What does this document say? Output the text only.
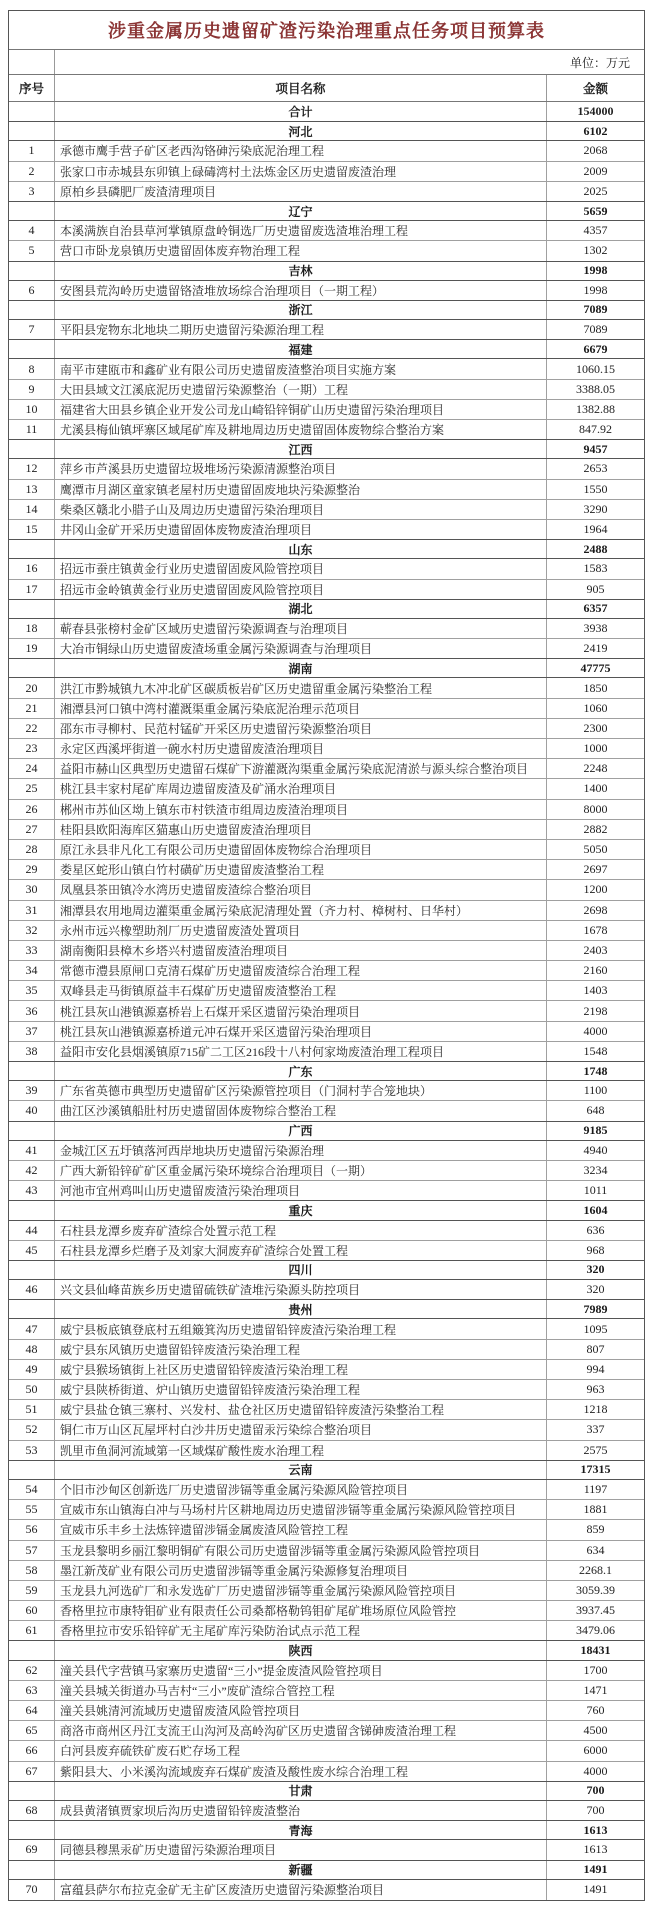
涉重金属历史遗留矿渣污染治理重点任务项目预算表
单位：万元
序号	项目名称	金额
合计	154000
河北	6102
1	承德市鹰手营子矿区老西沟铬砷污染底泥治理工程	2068
2	张家口市赤城县东卯镇上碌碡湾村土法炼金区历史遗留废渣治理	2009
3	原柏乡县磷肥厂废渣清理项目	2025
辽宁	5659
4	本溪满族自治县草河掌镇原盘岭铜选厂历史遗留废选渣堆治理工程	4357
5	营口市卧龙泉镇历史遗留固体废弃物治理工程	1302
吉林	1998
6	安图县荒沟岭历史遗留铬渣堆放场综合治理项目（一期工程）	1998
浙江	7089
7	平阳县宠物东北地块二期历史遗留污染源治理工程	7089
福建	6679
8	南平市建瓯市和鑫矿业有限公司历史遗留废渣整治项目实施方案	1060.15
9	大田县域文江溪底泥历史遗留污染源整治（一期）工程	3388.05
10	福建省大田县乡镇企业开发公司龙山崎铅锌铜矿山历史遗留污染治理项目	1382.88
11	尤溪县梅仙镇坪寨区域尾矿库及耕地周边历史遗留固体废物综合整治方案	847.92
江西	9457
12	萍乡市芦溪县历史遗留垃圾堆场污染源清源整治项目	2653
13	鹰潭市月湖区童家镇老屋村历史遗留固废地块污染源整治	1550
14	柴桑区赣北小腊子山及周边历史遗留污染治理项目	3290
15	井冈山金矿开采历史遗留固体废物废渣治理项目	1964
山东	2488
16	招远市蚕庄镇黄金行业历史遗留固废风险管控项目	1583
17	招远市金岭镇黄金行业历史遗留固废风险管控项目	905
湖北	6357
18	蕲春县张榜村金矿区域历史遗留污染源调查与治理项目	3938
19	大冶市铜绿山历史遗留废渣场重金属污染源调查与治理项目	2419
湖南	47775
20	洪江市黔城镇九木冲北矿区碳质板岩矿区历史遗留重金属污染整治工程	1850
21	湘潭县河口镇中湾村灌溉渠重金属污染底泥治理示范项目	1060
22	邵东市寻柳村、民范村锰矿开采区历史遗留污染源整治项目	2300
23	永定区西溪坪街道一碗水村历史遗留废渣治理项目	1000
24	益阳市赫山区典型历史遗留石煤矿下游灌溉沟渠重金属污染底泥清淤与源头综合整治项目	2248
25	桃江县丰家村尾矿库周边遗留废渣及矿涌水治理项目	1400
26	郴州市苏仙区坳上镇东市村铁渣市组周边废渣治理项目	8000
27	桂阳县欧阳海库区猫惠山历史遗留废渣治理项目	2882
28	原江永县非凡化工有限公司历史遗留固体废物综合治理项目	5050
29	娄星区蛇形山镇白竹村磺矿历史遗留废渣整治工程	2697
30	凤凰县茶田镇冷水湾历史遗留废渣综合整治项目	1200
31	湘潭县农用地周边灌渠重金属污染底泥清理处置（齐力村、樟树村、日华村）	2698
32	永州市远兴橡塑助剂厂历史遗留废渣处置项目	1678
33	湖南衡阳县樟木乡塔兴村遗留废渣治理项目	2403
34	常德市澧县原闸口克清石煤矿历史遗留废渣综合治理工程	2160
35	双峰县走马街镇原益丰石煤矿历史遗留废渣整治工程	1403
36	桃江县灰山港镇源嘉桥岩上石煤开采区遗留污染治理项目	2198
37	桃江县灰山港镇源嘉桥道元冲石煤开采区遗留污染治理项目	4000
38	益阳市安化县烟溪镇原715矿二工区216段十八村何家坳废渣治理工程项目	1548
广东	1748
39	广东省英德市典型历史遗留矿区污染源管控项目（门洞村芋合笼地块）	1100
40	曲江区沙溪镇船肚村历史遗留固体废物综合整治工程	648
广西	9185
41	金城江区五圩镇落河西岸地块历史遗留污染源治理	4940
42	广西大新铅锌矿矿区重金属污染环境综合治理项目（一期）	3234
43	河池市宜州鸡叫山历史遗留废渣污染治理项目	1011
重庆	1604
44	石柱县龙潭乡废弃矿渣综合处置示范工程	636
45	石柱县龙潭乡烂磨子及刘家大洞废弃矿渣综合处置工程	968
四川	320
46	兴文县仙峰苗族乡历史遗留硫铁矿渣堆污染源头防控项目	320
贵州	7989
47	威宁县板底镇登底村五组簸箕沟历史遗留铅锌废渣污染治理工程	1095
48	威宁县东风镇历史遗留铅锌废渣污染治理工程	807
49	威宁县猴场镇街上社区历史遗留铅锌废渣污染治理工程	994
50	威宁县陕桥街道、炉山镇历史遗留铅锌废渣污染治理工程	963
51	威宁县盐仓镇三寨村、兴发村、盐仓社区历史遗留铅锌废渣污染整治工程	1218
52	铜仁市万山区瓦屋坪村白沙井历史遗留汞污染综合整治项目	337
53	凯里市鱼洞河流域第一区域煤矿酸性废水治理工程	2575
云南	17315
54	个旧市沙甸区创新选厂历史遗留涉镉等重金属污染源风险管控项目	1197
55	宣威市东山镇海白冲与马场村片区耕地周边历史遗留涉镉等重金属污染源风险管控项目	1881
56	宣威市乐丰乡土法炼锌遗留涉镉金属废渣风险管控工程	859
57	玉龙县黎明乡丽江黎明铜矿有限公司历史遗留涉镉等重金属污染源风险管控项目	634
58	墨江新茂矿业有限公司历史遗留涉镉等重金属污染源修复治理项目	2268.1
59	玉龙县九河选矿厂和永发选矿厂历史遗留涉镉等重金属污染源风险管控项目	3059.39
60	香格里拉市康特钼矿业有限责任公司桑都格勒钨钼矿尾矿堆场原位风险管控	3937.45
61	香格里拉市安乐铅锌矿无主尾矿库污染防治试点示范工程	3479.06
陕西	18431
62	潼关县代字营镇马家寨历史遗留“三小”提金废渣风险管控项目	1700
63	潼关县城关街道办马吉村“三小”废矿渣综合管控工程	1471
64	潼关县姚清河流域历史遗留废渣风险管控项目	760
65	商洛市商州区丹江支流王山沟河及高岭沟矿区历史遗留含锑砷废渣治理工程	4500
66	白河县废弃硫铁矿废石贮存场工程	6000
67	紫阳县大、小米溪沟流域废弃石煤矿废渣及酸性废水综合治理工程	4000
甘肃	700
68	成县黄渚镇贾家坝后沟历史遗留铅锌废渣整治	700
青海	1613
69	同德县穆黑汞矿历史遗留污染源治理项目	1613
新疆	1491
70	富蕴县萨尔布拉克金矿无主矿区废渣历史遗留污染源整治项目	1491
